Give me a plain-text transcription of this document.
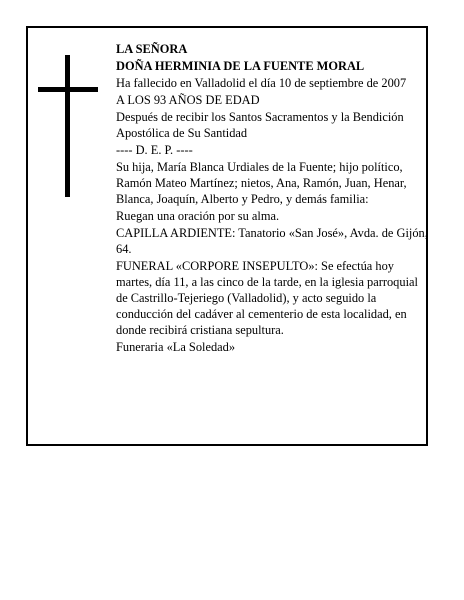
LA SEÑORA

DOÑA HERMINIA DE LA FUENTE MORAL

Ha fallecido en Valladolid el día 10 de septiembre de 2007

A LOS 93 AÑOS DE EDAD

Después de recibir los Santos Sacramentos y la Bendición Apostólica de Su Santidad

---- D. E. P. ----

Su hija, María Blanca Urdiales de la Fuente; hijo político, Ramón Mateo Martínez; nietos, Ana, Ramón, Juan, Henar, Blanca, Joaquín, Alberto y Pedro, y demás familia:

Ruegan una oración por su alma.

CAPILLA ARDIENTE: Tanatorio «San José», Avda. de Gijón, 64.

FUNERAL «CORPORE INSEPULTO»: Se efectúa hoy martes, día 11, a las cinco de la tarde, en la iglesia parroquial de Castrillo-Tejeriego (Valladolid), y acto seguido la conducción del cadáver al cementerio de esta localidad, en donde recibirá cristiana sepultura.

Funeraria «La Soledad»
